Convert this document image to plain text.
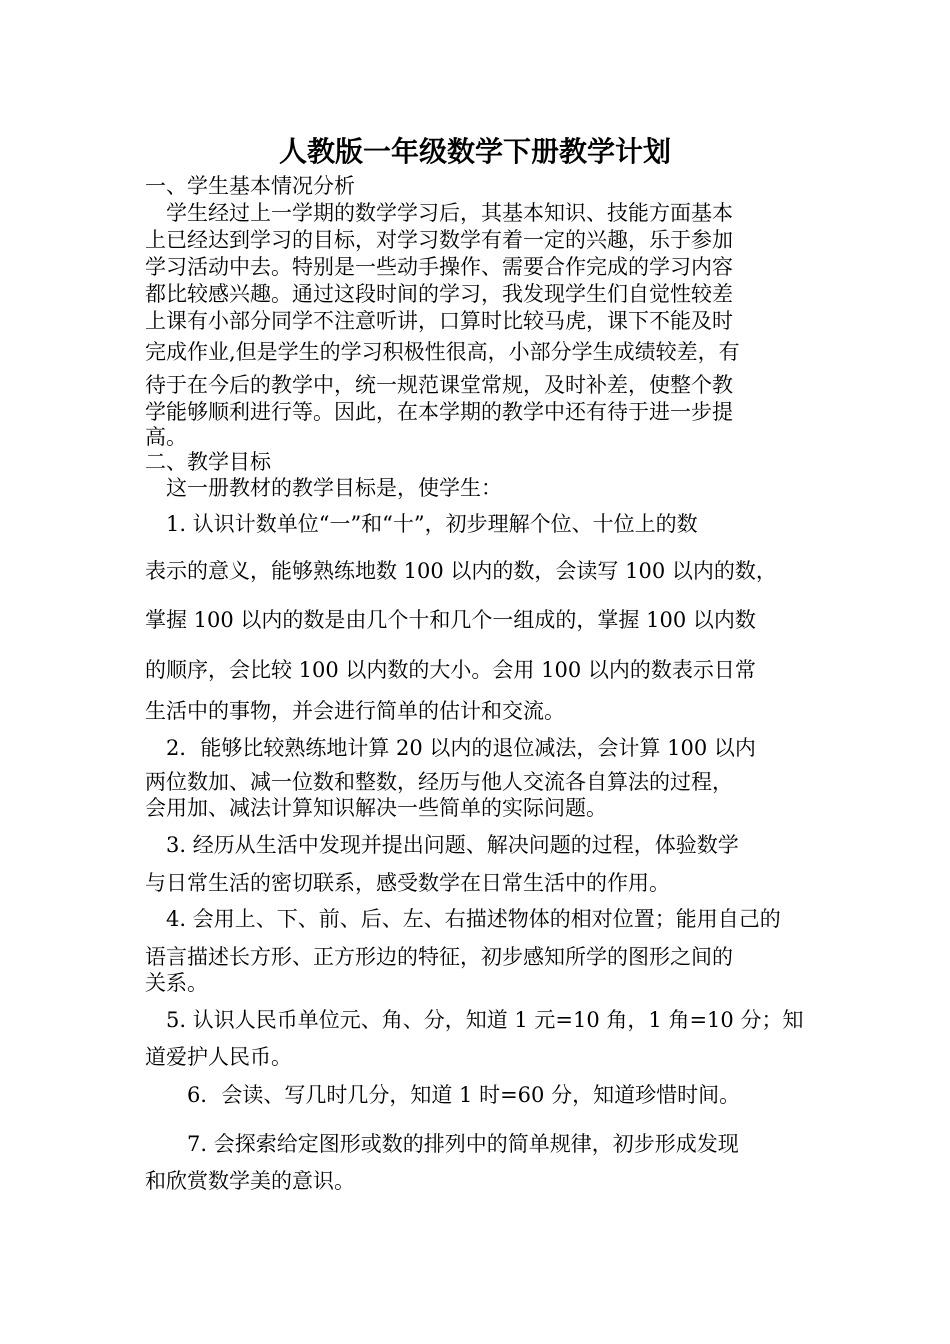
人教版一年级数学下册教学计划
一、学生基本情况分析
　学生经过上一学期的数学学习后，其基本知识、技能方面基本
上已经达到学习的目标，对学习数学有着一定的兴趣，乐于参加
学习活动中去。特别是一些动手操作、需要合作完成的学习内容
都比较感兴趣。通过这段时间的学习，我发现学生们自觉性较差
上课有小部分同学不注意听讲，口算时比较马虎，课下不能及时
完成作业,但是学生的学习积极性很高，小部分学生成绩较差，有
待于在今后的教学中，统一规范课堂常规，及时补差，使整个教
学能够顺利进行等。因此，在本学期的教学中还有待于进一步提
高。
二、教学目标
　这一册教材的教学目标是，使学生：
　1. 认识计数单位“一”和“十”，初步理解个位、十位上的数
表示的意义，能够熟练地数 100 以内的数，会读写 100 以内的数，
掌握 100 以内的数是由几个十和几个一组成的，掌握 100 以内数
的顺序，会比较 100 以内数的大小。会用 100 以内的数表示日常
生活中的事物，并会进行简单的估计和交流。
　2．能够比较熟练地计算 20 以内的退位减法，会计算 100 以内
两位数加、减一位数和整数，经历与他人交流各自算法的过程，
会用加、减法计算知识解决一些简单的实际问题。
　3. 经历从生活中发现并提出问题、解决问题的过程，体验数学
与日常生活的密切联系，感受数学在日常生活中的作用。
　4. 会用上、下、前、后、左、右描述物体的相对位置；能用自己的
语言描述长方形、正方形边的特征，初步感知所学的图形之间的
关系。
　5. 认识人民币单位元、角、分，知道 1 元=10 角，1 角=10 分；知
道爱护人民币。
　　6．会读、写几时几分，知道 1 时=60 分，知道珍惜时间。
　　7. 会探索给定图形或数的排列中的简单规律，初步形成发现
和欣赏数学美的意识。
